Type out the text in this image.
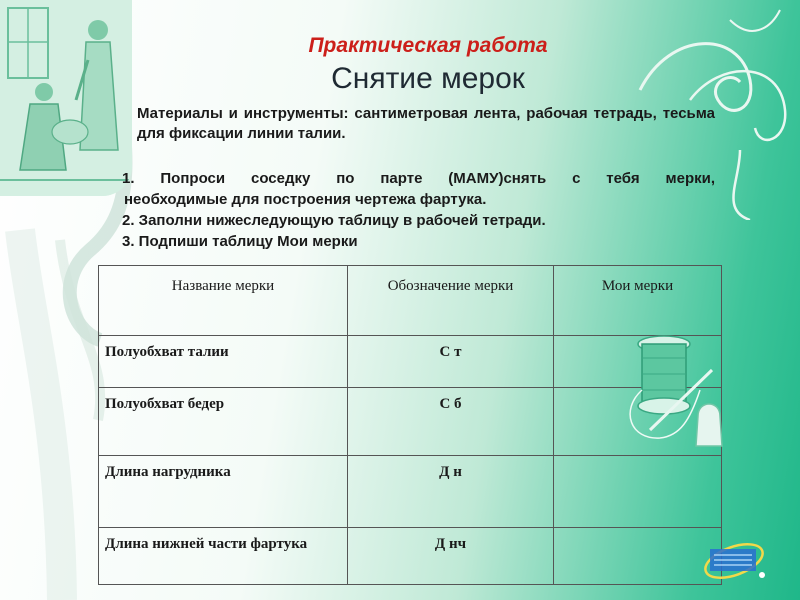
Практическая работа
Снятие мерок
Материалы и инструменты: сантиметровая лента, рабочая тетрадь, тесьма для фиксации линии талии.
1. Попроси соседку по парте (МАМУ)снять с тебя мерки,
необходимые для построения чертежа фартука.
2. Заполни нижеследующую таблицу в рабочей тетради.
3. Подпиши таблицу Мои мерки
Название мерки	Обозначение мерки	Мои мерки
Полуобхват талии	С т	
Полуобхват бедер	С б	
Длина нагрудника	Д н	
Длина нижней части фартука	Д нч	
